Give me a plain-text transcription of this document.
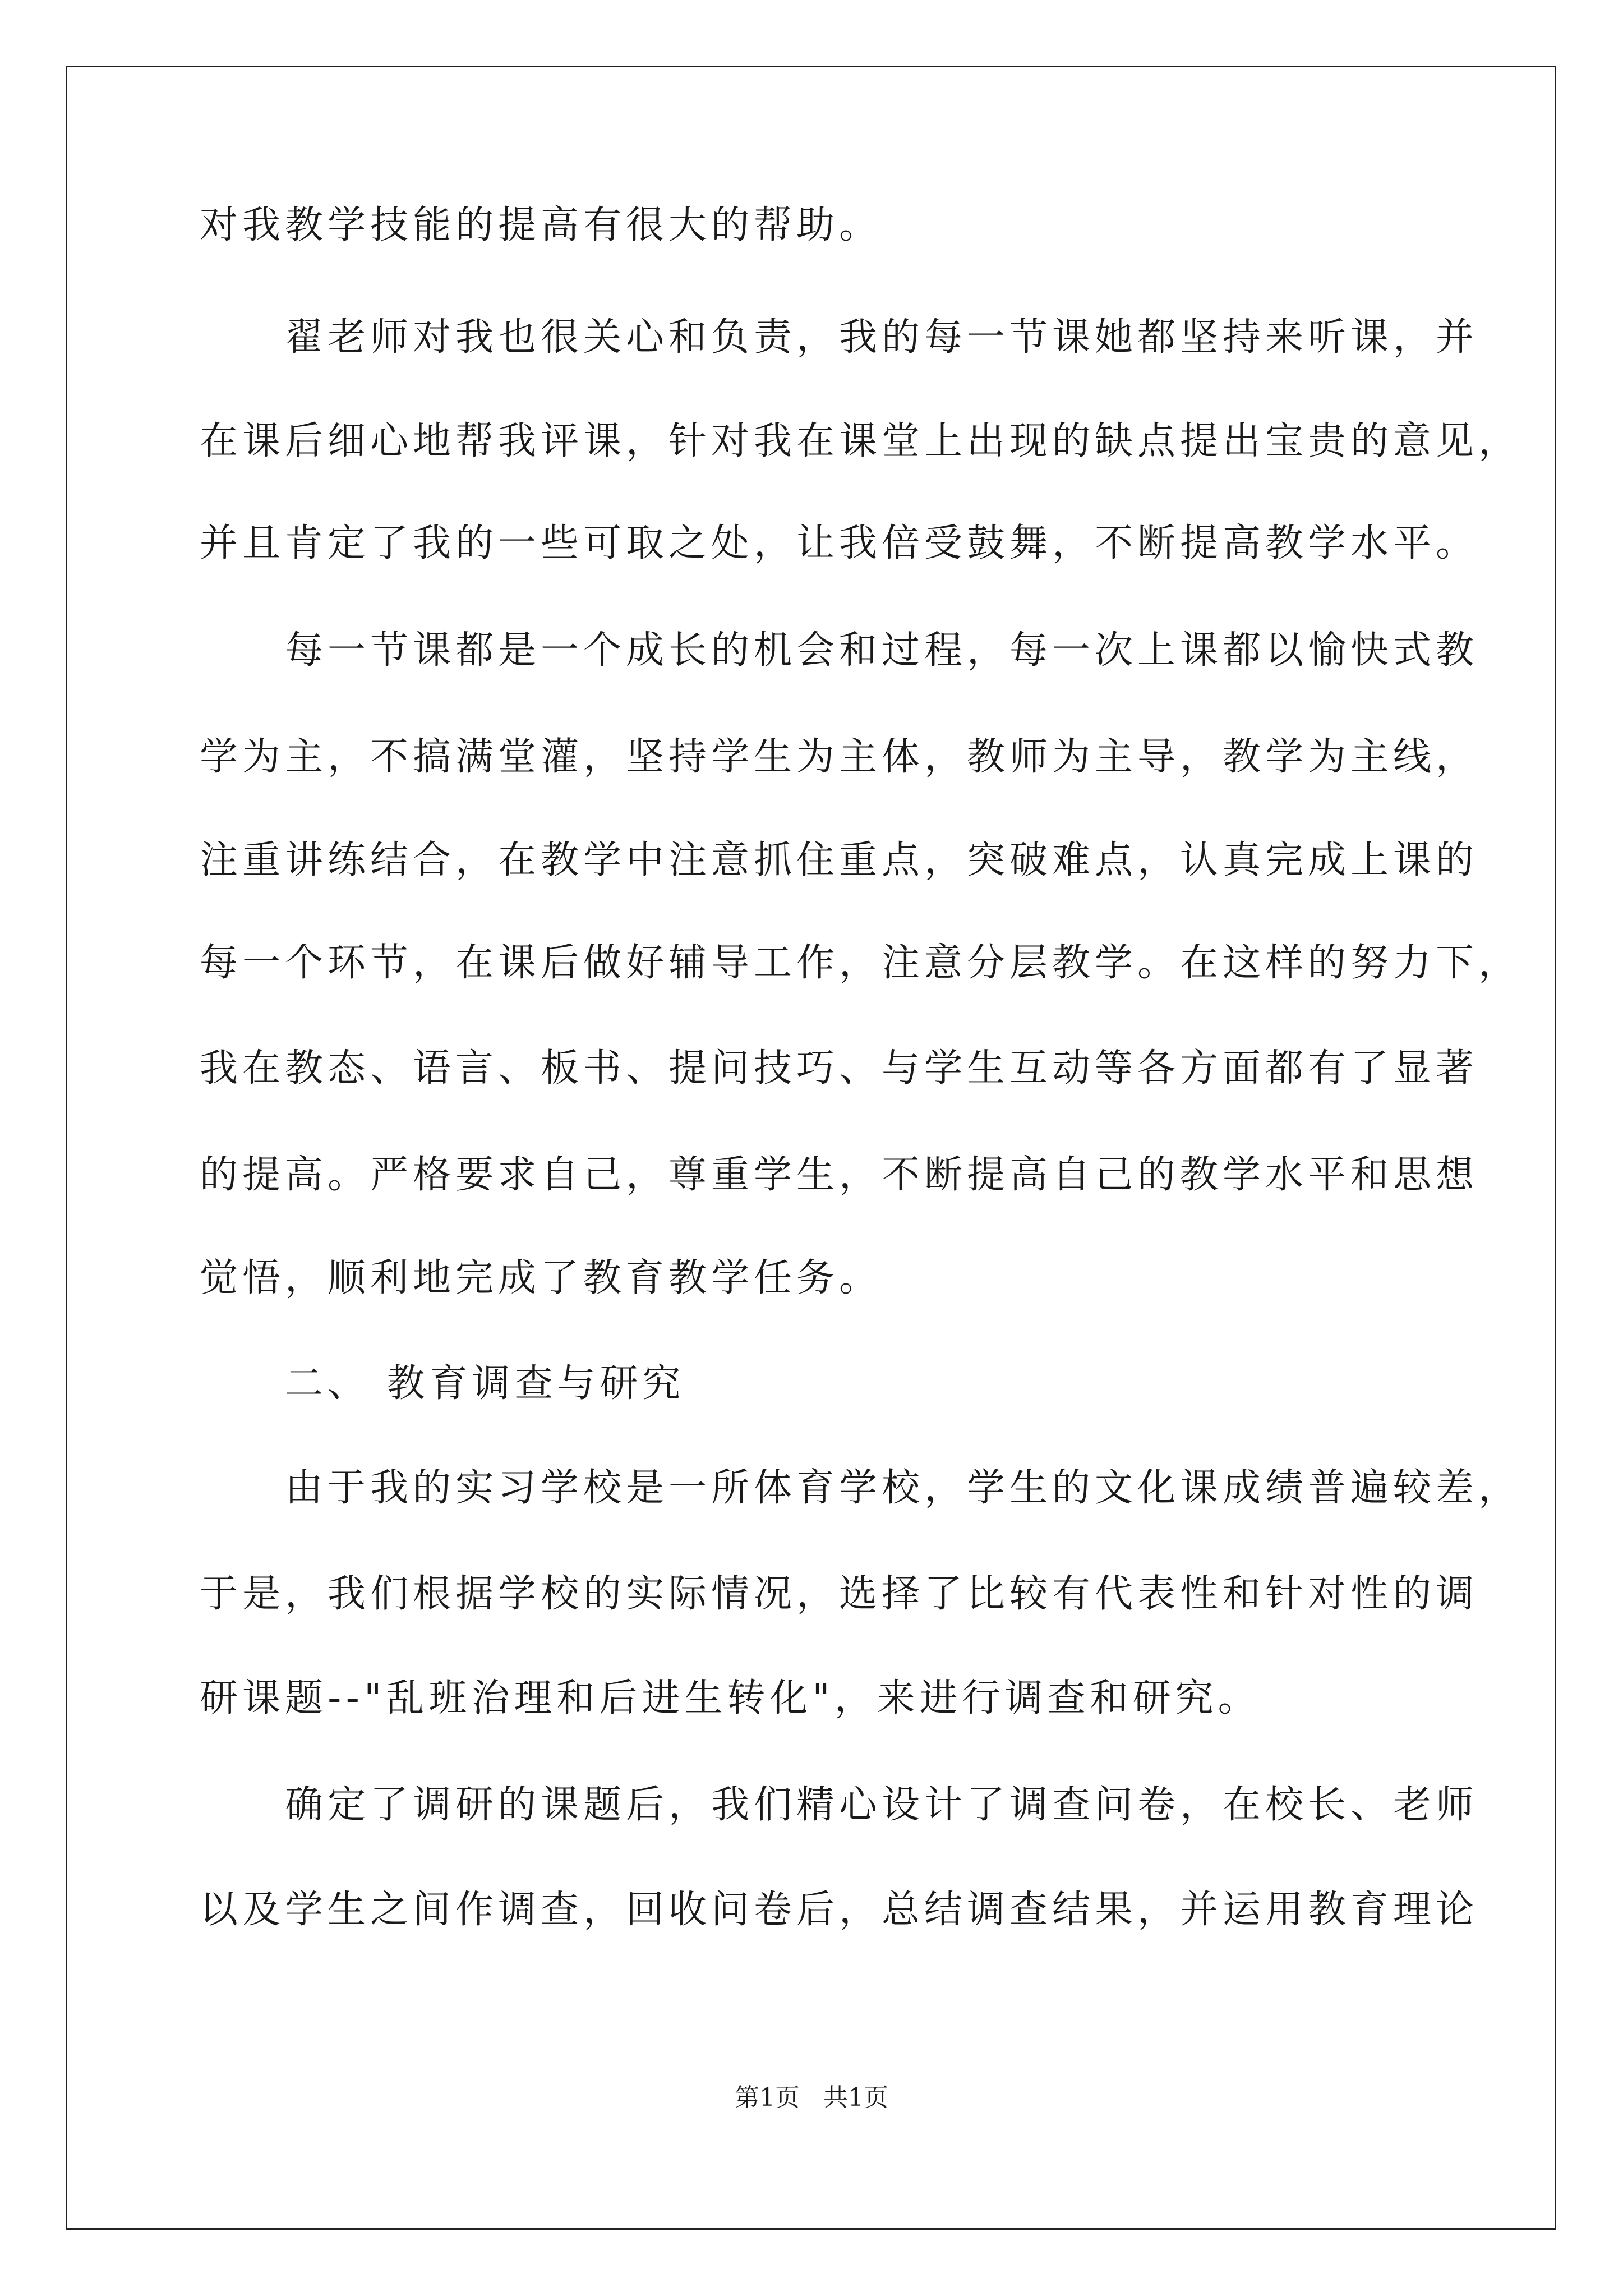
对我教学技能的提高有很大的帮助。

　　翟老师对我也很关心和负责，我的每一节课她都坚持来听课，并

在课后细心地帮我评课，针对我在课堂上出现的缺点提出宝贵的意见，

并且肯定了我的一些可取之处，让我倍受鼓舞，不断提高教学水平。

　　每一节课都是一个成长的机会和过程，每一次上课都以愉快式教

学为主，不搞满堂灌，坚持学生为主体，教师为主导，教学为主线，

注重讲练结合，在教学中注意抓住重点，突破难点，认真完成上课的

每一个环节，在课后做好辅导工作，注意分层教学。在这样的努力下，

我在教态、语言、板书、提问技巧、与学生互动等各方面都有了显著

的提高。严格要求自己，尊重学生，不断提高自己的教学水平和思想

觉悟，顺利地完成了教育教学任务。

　　二、 教育调查与研究

　　由于我的实习学校是一所体育学校，学生的文化课成绩普遍较差，

于是，我们根据学校的实际情况，选择了比较有代表性和针对性的调

研课题--"乱班治理和后进生转化"，来进行调查和研究。

　　确定了调研的课题后，我们精心设计了调查问卷，在校长、老师

以及学生之间作调查，回收问卷后，总结调查结果，并运用教育理论

第1页   共1页
